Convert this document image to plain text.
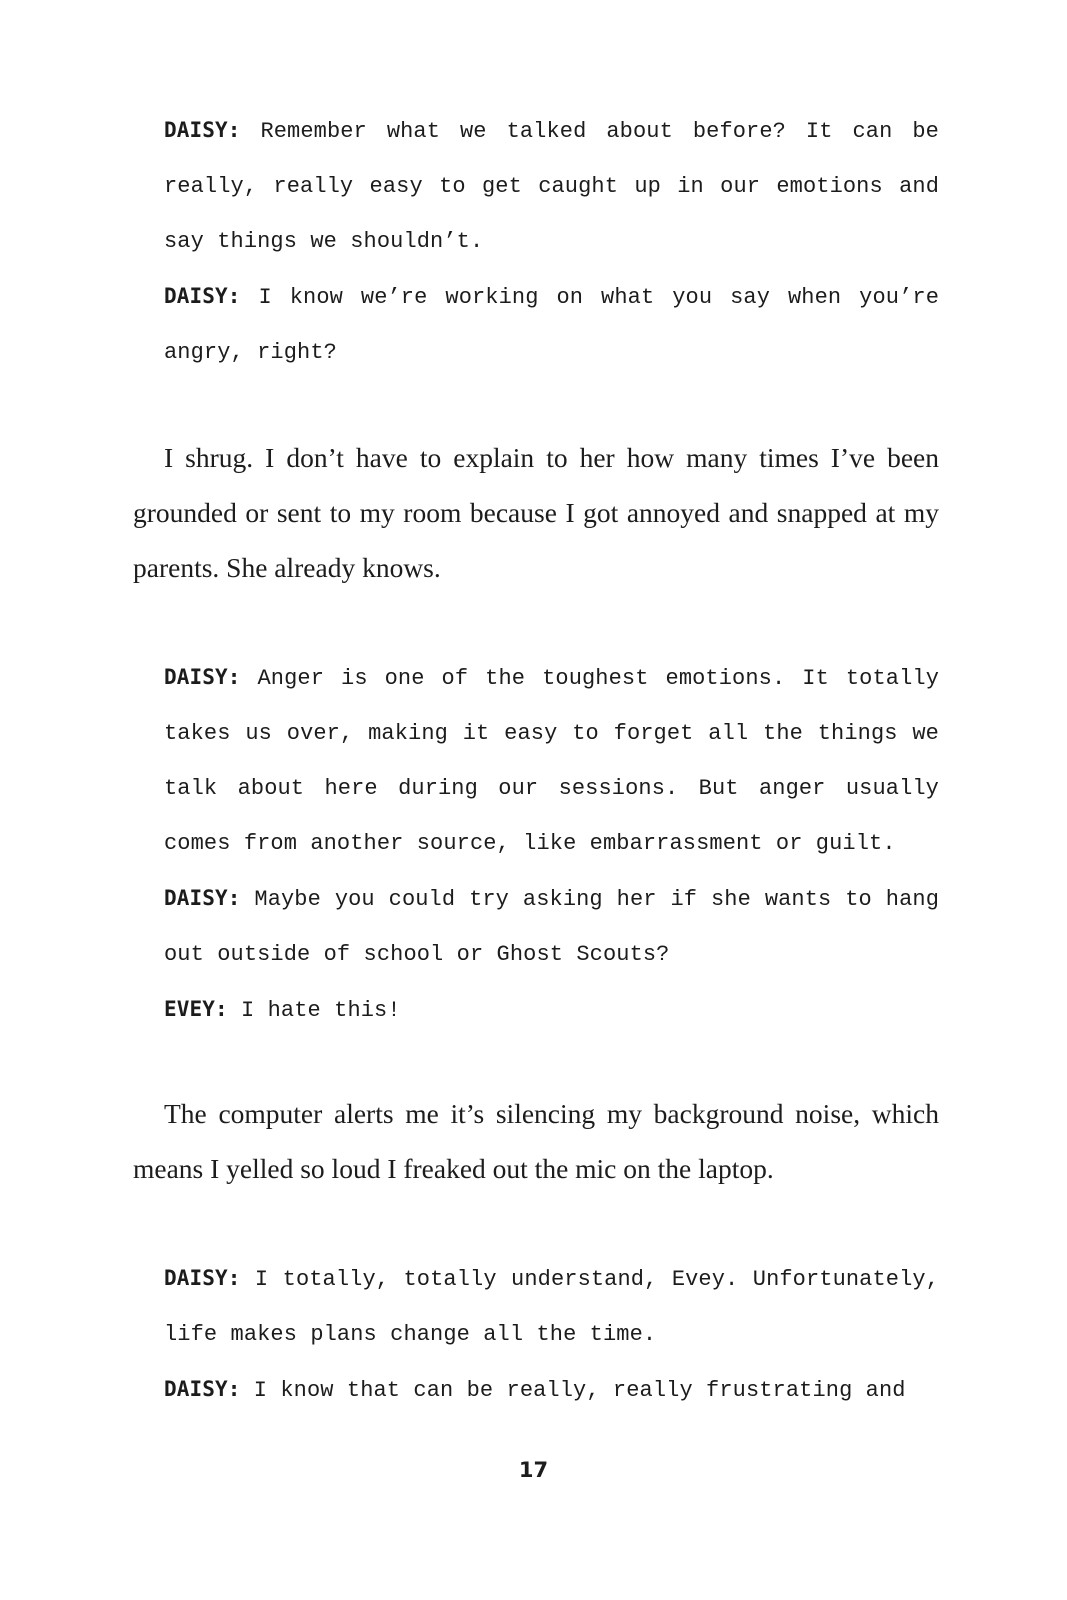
DAISY: Remember what we talked about before? It can be really, really easy to get caught up in our emotions and say things we shouldn’t.

DAISY: I know we’re working on what you say when you’re angry, right?

I shrug. I don’t have to explain to her how many times I’ve been grounded or sent to my room because I got annoyed and snapped at my parents. She already knows.

DAISY: Anger is one of the toughest emotions. It totally takes us over, making it easy to forget all the things we talk about here during our sessions. But anger usually comes from another source, like embarrassment or guilt.

DAISY: Maybe you could try asking her if she wants to hang out outside of school or Ghost Scouts?

EVEY: I hate this!

The computer alerts me it’s silencing my background noise, which means I yelled so loud I freaked out the mic on the laptop.

DAISY: I totally, totally understand, Evey. Unfortunately, life makes plans change all the time.

DAISY: I know that can be really, really frustrating and

17
